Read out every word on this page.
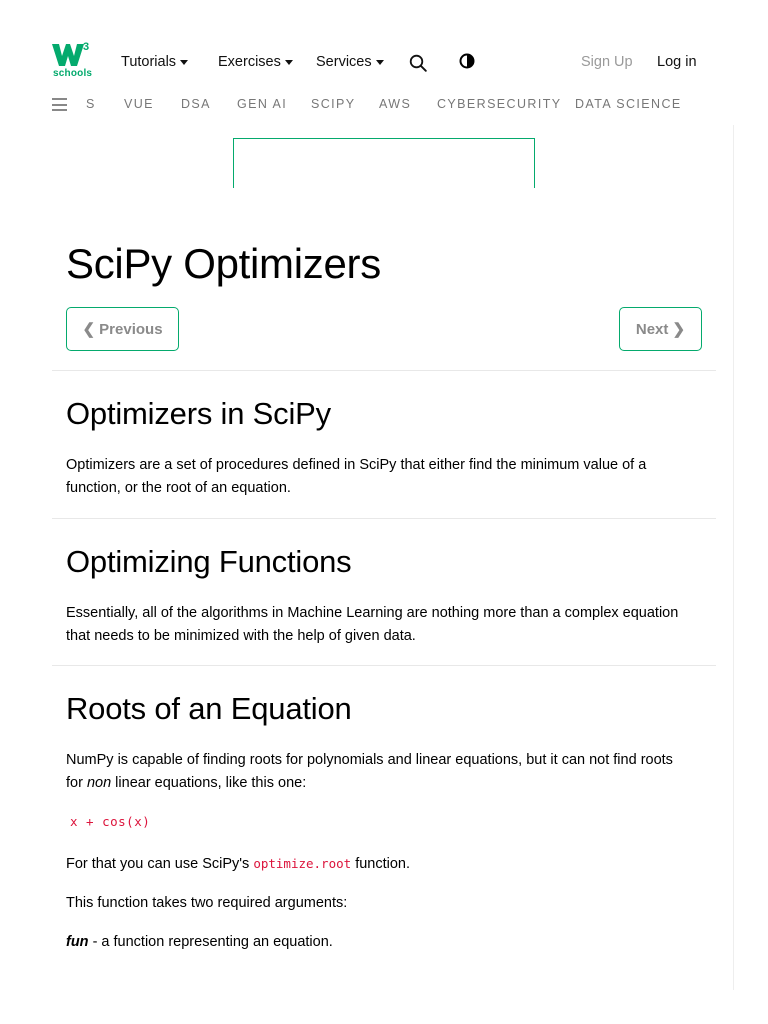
3
schools
Tutorials	Exercises Services	Sign Up Log in
S VUE DSA GEN AI SCIPY AWS CYBERSECURITY DATA SCIENCE
SciPy Optimizers
❮ Previous	Next ❯
Optimizers in SciPy
Optimizers are a set of procedures defined in SciPy that either find the minimum value of a
function, or the root of an equation.
Optimizing Functions
Essentially, all of the algorithms in Machine Learning are nothing more than a complex equation
that needs to be minimized with the help of given data.
Roots of an Equation
NumPy is capable of finding roots for polynomials and linear equations, but it can not find roots
for non linear equations, like this one:
x + cos(x)
For that you can use SciPy's optimize.root function.
This function takes two required arguments:
fun - a function representing an equation.
